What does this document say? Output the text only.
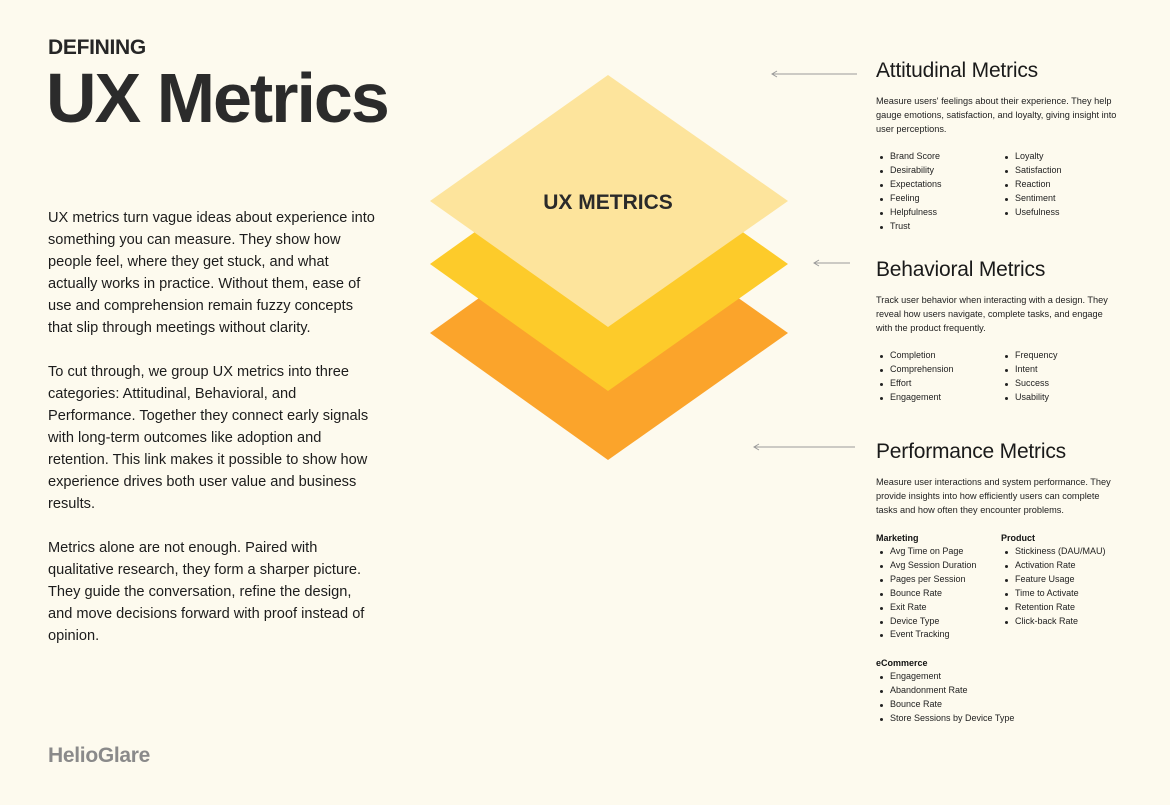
DEFINING
UX Metrics

UX metrics turn vague ideas about experience into something you can measure. They show how people feel, where they get stuck, and what actually works in practice. Without them, ease of use and comprehension remain fuzzy concepts that slip through meetings without clarity.

To cut through, we group UX metrics into three categories: Attitudinal, Behavioral, and Performance. Together they connect early signals with long-term outcomes like adoption and retention. This link makes it possible to show how experience drives both user value and business results.

Metrics alone are not enough. Paired with qualitative research, they form a sharper picture. They guide the conversation, refine the design, and move decisions forward with proof instead of opinion.

HelioGlare
UX METRICS
Attitudinal Metrics
Measure users' feelings about their experience. They help gauge emotions, satisfaction, and loyalty, giving insight into user perceptions.
Brand Score
Desirability
Expectations
Feeling
Helpfulness
Trust
Loyalty
Satisfaction
Reaction
Sentiment
Usefulness
Behavioral Metrics
Track user behavior when interacting with a design. They reveal how users navigate, complete tasks, and engage with the product frequently.
Completion
Comprehension
Effort
Engagement
Frequency
Intent
Success
Usability
Performance Metrics
Measure user interactions and system performance. They provide insights into how efficiently users can complete tasks and how often they encounter problems.
Marketing
Avg Time on Page
Avg Session Duration
Pages per Session
Bounce Rate
Exit Rate
Device Type
Event Tracking
Product
Stickiness (DAU/MAU)
Activation Rate
Feature Usage
Time to Activate
Retention Rate
Click-back Rate
eCommerce
Engagement
Abandonment Rate
Bounce Rate
Store Sessions by Device Type
